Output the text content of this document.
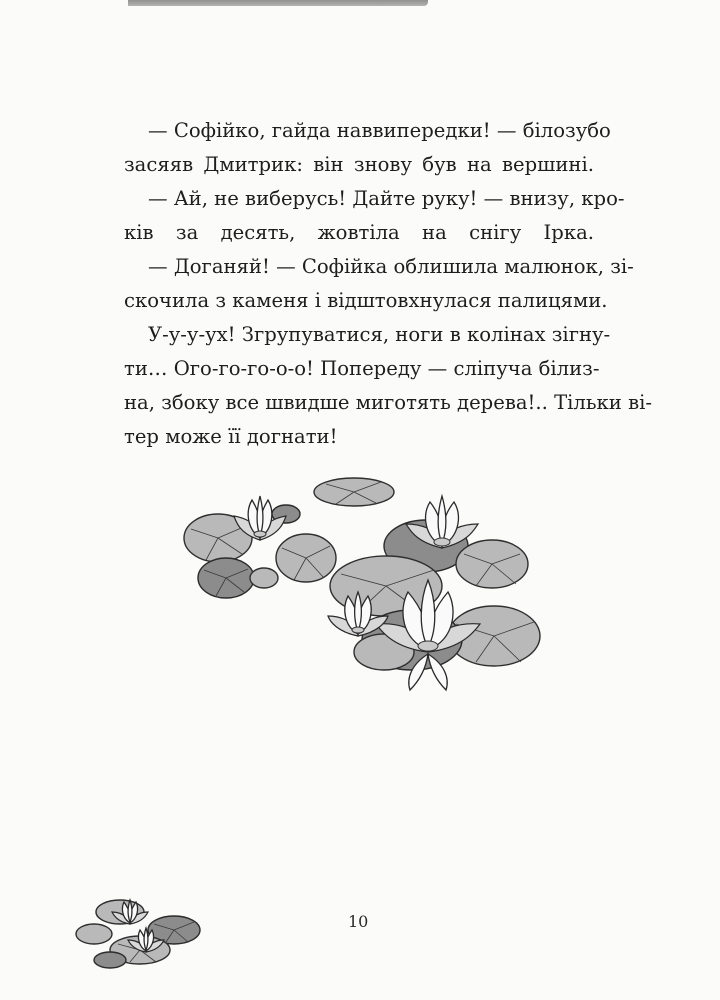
— Софійко, гайда наввипередки! — білозубо
засяяв Дмитрик: він знову був на вершині.
— Ай, не виберусь! Дайте руку! — внизу, кро-
ків за десять, жовтіла на снігу Ірка.
— Доганяй! — Софійка облишила малюнок, зі-
скочила з каменя і відштовхнулася палицями.
У-у-у-ух! Згрупуватися, ноги в колінах зігну-
ти… Ого-го-го-о-о! Попереду — сліпуча білиз-
на, збоку все швидше миготять дерева!.. Тільки ві-
тер може її догнати!
10
